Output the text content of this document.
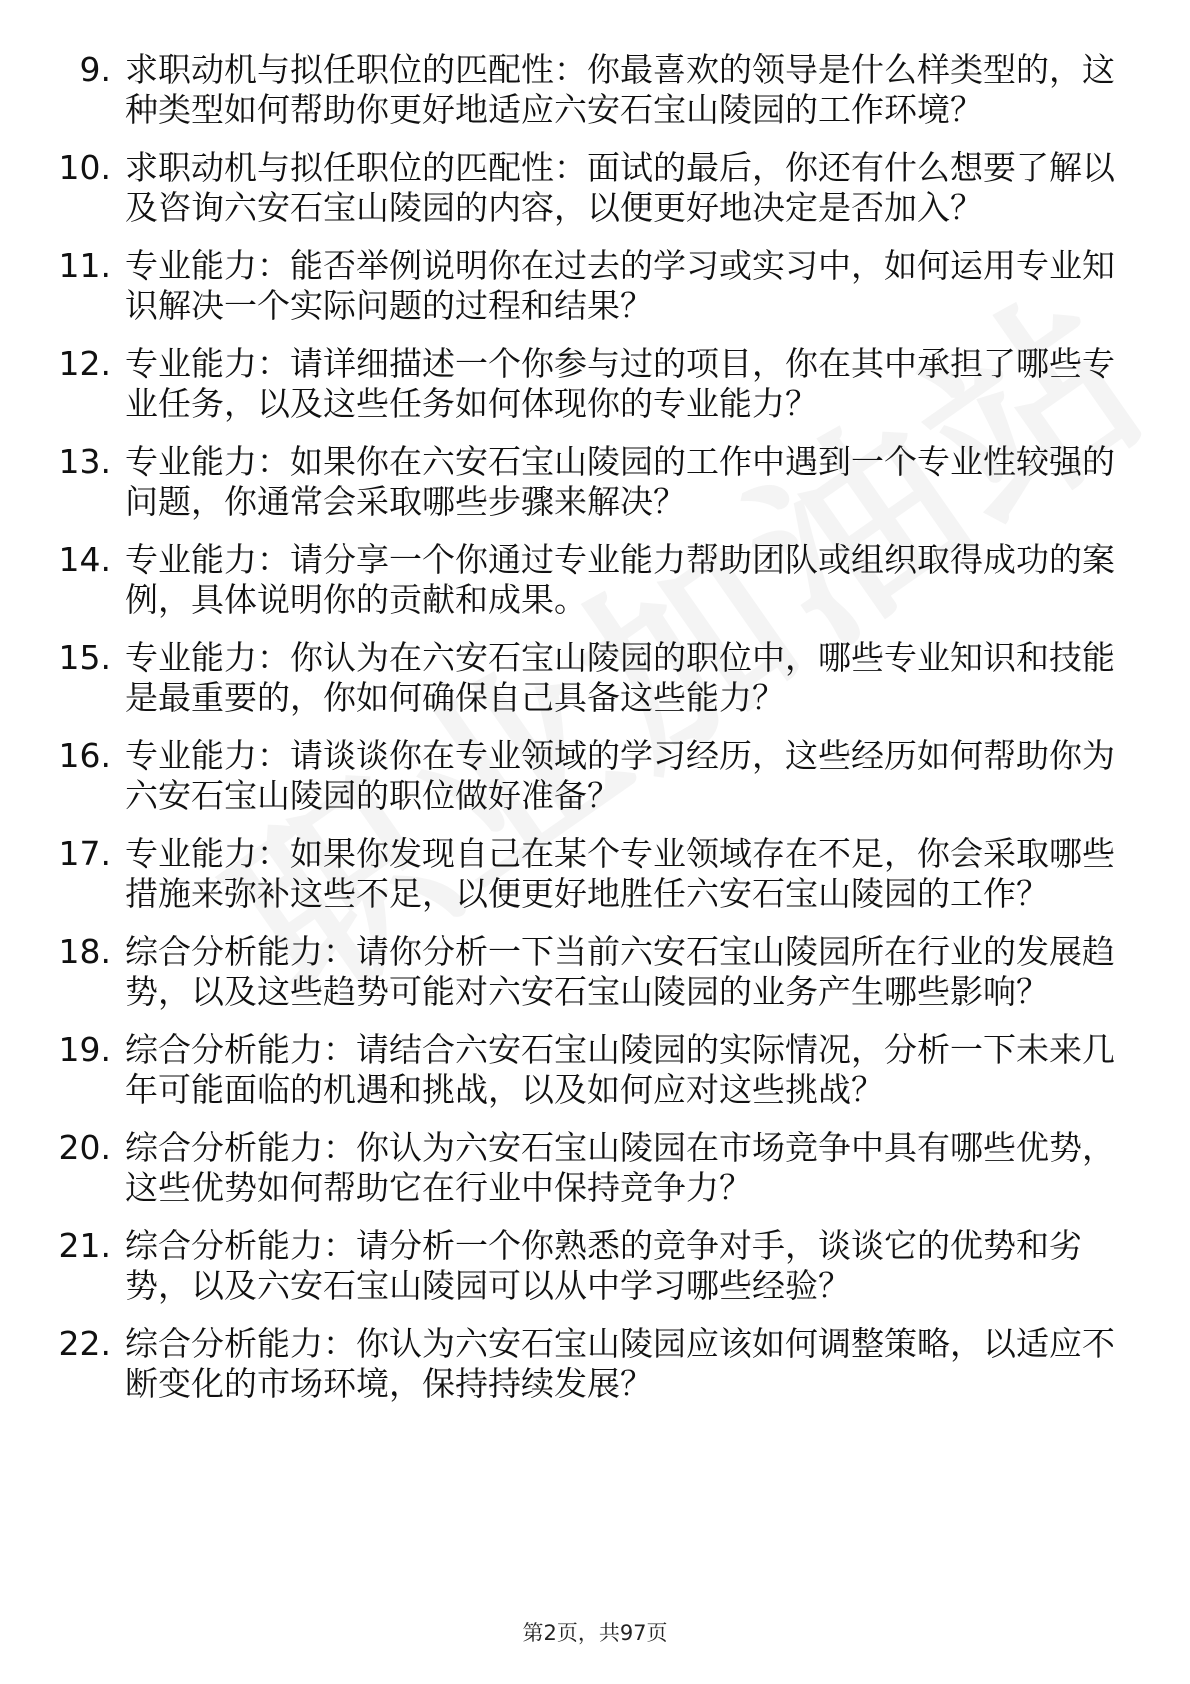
9. 求职动机与拟任职位的匹配性：你最喜欢的领导是什么样类型的，这种类型如何帮助你更好地适应六安石宝山陵园的工作环境？
10. 求职动机与拟任职位的匹配性：面试的最后，你还有什么想要了解以及咨询六安石宝山陵园的内容，以便更好地决定是否加入？
11. 专业能力：能否举例说明你在过去的学习或实习中，如何运用专业知识解决一个实际问题的过程和结果？
12. 专业能力：请详细描述一个你参与过的项目，你在其中承担了哪些专业任务，以及这些任务如何体现你的专业能力？
13. 专业能力：如果你在六安石宝山陵园的工作中遇到一个专业性较强的问题，你通常会采取哪些步骤来解决？
14. 专业能力：请分享一个你通过专业能力帮助团队或组织取得成功的案例，具体说明你的贡献和成果。
15. 专业能力：你认为在六安石宝山陵园的职位中，哪些专业知识和技能是最重要的，你如何确保自己具备这些能力？
16. 专业能力：请谈谈你在专业领域的学习经历，这些经历如何帮助你为六安石宝山陵园的职位做好准备？
17. 专业能力：如果你发现自己在某个专业领域存在不足，你会采取哪些措施来弥补这些不足，以便更好地胜任六安石宝山陵园的工作？
18. 综合分析能力：请你分析一下当前六安石宝山陵园所在行业的发展趋势，以及这些趋势可能对六安石宝山陵园的业务产生哪些影响？
19. 综合分析能力：请结合六安石宝山陵园的实际情况，分析一下未来几年可能面临的机遇和挑战，以及如何应对这些挑战？
20. 综合分析能力：你认为六安石宝山陵园在市场竞争中具有哪些优势，这些优势如何帮助它在行业中保持竞争力？
21. 综合分析能力：请分析一个你熟悉的竞争对手，谈谈它的优势和劣势，以及六安石宝山陵园可以从中学习哪些经验？
22. 综合分析能力：你认为六安石宝山陵园应该如何调整策略，以适应不断变化的市场环境，保持持续发展？
第2页，共97页
